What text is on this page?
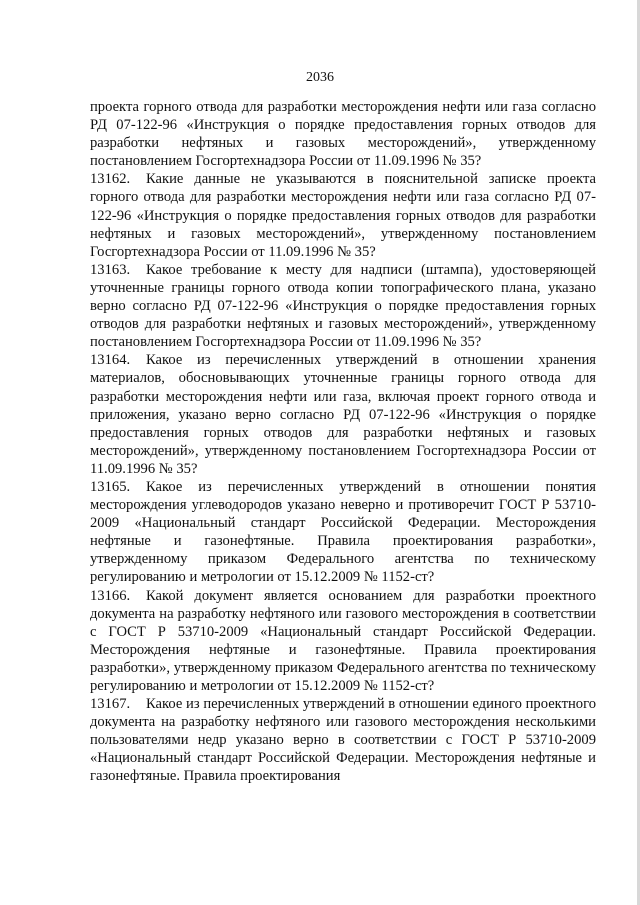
2036

проекта горного отвода для разработки месторождения нефти или газа согласно РД 07-122-96 «Инструкция о порядке предоставления горных отводов для разработки нефтяных и газовых месторождений», утвержденному постановлением Госгортехнадзора России от 11.09.1996 № 35?

13162. Какие данные не указываются в пояснительной записке проекта горного отвода для разработки месторождения нефти или газа согласно РД 07-122-96 «Инструкция о порядке предоставления горных отводов для разработки нефтяных и газовых месторождений», утвержденному постановлением Госгортехнадзора России от 11.09.1996 № 35?

13163. Какое требование к месту для надписи (штампа), удостоверяющей уточненные границы горного отвода копии топографического плана, указано верно согласно РД 07-122-96 «Инструкция о порядке предоставления горных отводов для разработки нефтяных и газовых месторождений», утвержденному постановлением Госгортехнадзора России от 11.09.1996 № 35?

13164. Какое из перечисленных утверждений в отношении хранения материалов, обосновывающих уточненные границы горного отвода для разработки месторождения нефти или газа, включая проект горного отвода и приложения, указано верно согласно РД 07-122-96 «Инструкция о порядке предоставления горных отводов для разработки нефтяных и газовых месторождений», утвержденному постановлением Госгортехнадзора России от 11.09.1996 № 35?

13165. Какое из перечисленных утверждений в отношении понятия месторождения углеводородов указано неверно и противоречит ГОСТ Р 53710-2009 «Национальный стандарт Российской Федерации. Месторождения нефтяные и газонефтяные. Правила проектирования разработки», утвержденному приказом Федерального агентства по техническому регулированию и метрологии от 15.12.2009 № 1152-ст?

13166. Какой документ является основанием для разработки проектного документа на разработку нефтяного или газового месторождения в соответствии с ГОСТ Р 53710-2009 «Национальный стандарт Российской Федерации. Месторождения нефтяные и газонефтяные. Правила проектирования разработки», утвержденному приказом Федерального агентства по техническому регулированию и метрологии от 15.12.2009 № 1152-ст?

13167. Какое из перечисленных утверждений в отношении единого проектного документа на разработку нефтяного или газового месторождения несколькими пользователями недр указано верно в соответствии с ГОСТ Р 53710-2009 «Национальный стандарт Российской Федерации. Месторождения нефтяные и газонефтяные. Правила проектирования
